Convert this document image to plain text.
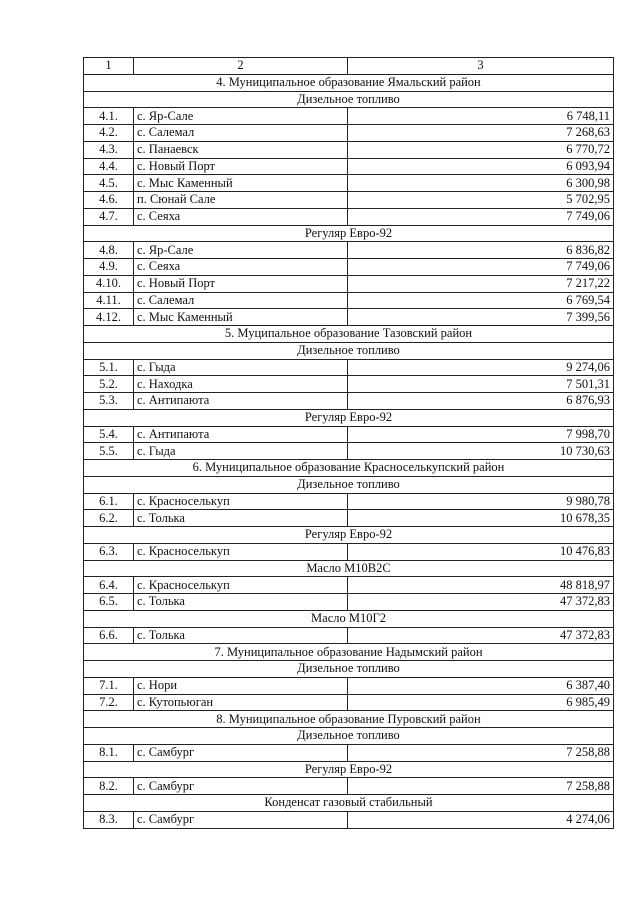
1	2	3
4. Муниципальное образование Ямальский район		
Дизельное топливо		
4.1.	с. Яр-Сале	6 748,11
4.2.	с. Салемал	7 268,63
4.3.	с. Панаевск	6 770,72
4.4.	с. Новый Порт	6 093,94
4.5.	с. Мыс Каменный	6 300,98
4.6.	п. Сюнай Сале	5 702,95
4.7.	с. Сеяха	7 749,06
Регуляр Евро-92		
4.8.	с. Яр-Сале	6 836,82
4.9.	с. Сеяха	7 749,06
4.10.	с. Новый Порт	7 217,22
4.11.	с. Салемал	6 769,54
4.12.	с. Мыс Каменный	7 399,56
5. Муципальное образование Тазовский район		
Дизельное топливо		
5.1.	с. Гыда	9 274,06
5.2.	с. Находка	7 501,31
5.3.	с. Антипаюта	6 876,93
Регуляр Евро-92		
5.4.	с. Антипаюта	7 998,70
5.5.	с. Гыда	10 730,63
6. Муниципальное образование Красноселькупский район		
Дизельное топливо		
6.1.	с. Красноселькуп	9 980,78
6.2.	с. Толька	10 678,35
Регуляр Евро-92		
6.3.	с. Красноселькуп	10 476,83
Масло М10В2С		
6.4.	с. Красноселькуп	48 818,97
6.5.	с. Толька	47 372,83
Масло М10Г2		
6.6.	с. Толька	47 372,83
7. Муниципальное образование Надымский район		
Дизельное топливо		
7.1.	с. Нори	6 387,40
7.2.	с. Кутопьюган	6 985,49
8. Муниципальное образование Пуровский район		
Дизельное топливо		
8.1.	с. Самбург	7 258,88
Регуляр Евро-92		
8.2.	с. Самбург	7 258,88
Конденсат газовый стабильный		
8.3.	с. Самбург	4 274,06
